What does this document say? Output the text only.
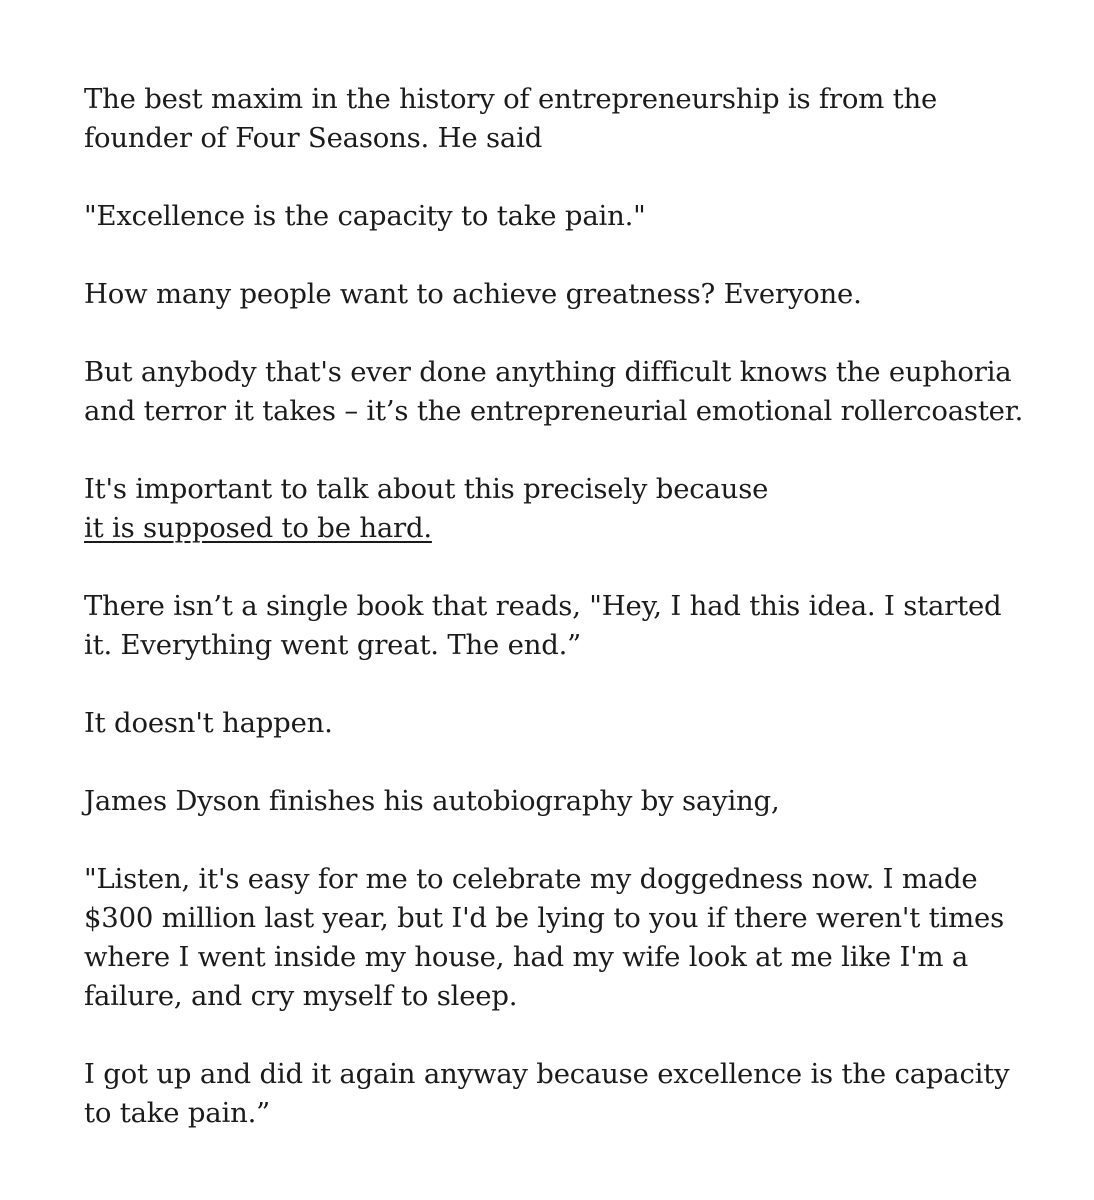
The best maxim in the history of entrepreneurship is from the
founder of Four Seasons. He said

"Excellence is the capacity to take pain."

How many people want to achieve greatness? Everyone.

But anybody that's ever done anything difficult knows the euphoria
and terror it takes – it’s the entrepreneurial emotional rollercoaster.

It's important to talk about this precisely because
it is supposed to be hard.

There isn’t a single book that reads, "Hey, I had this idea. I started
it. Everything went great. The end.”

It doesn't happen.

James Dyson finishes his autobiography by saying,

"Listen, it's easy for me to celebrate my doggedness now. I made
$300 million last year, but I'd be lying to you if there weren't times
where I went inside my house, had my wife look at me like I'm a
failure, and cry myself to sleep.

I got up and did it again anyway because excellence is the capacity
to take pain.”
